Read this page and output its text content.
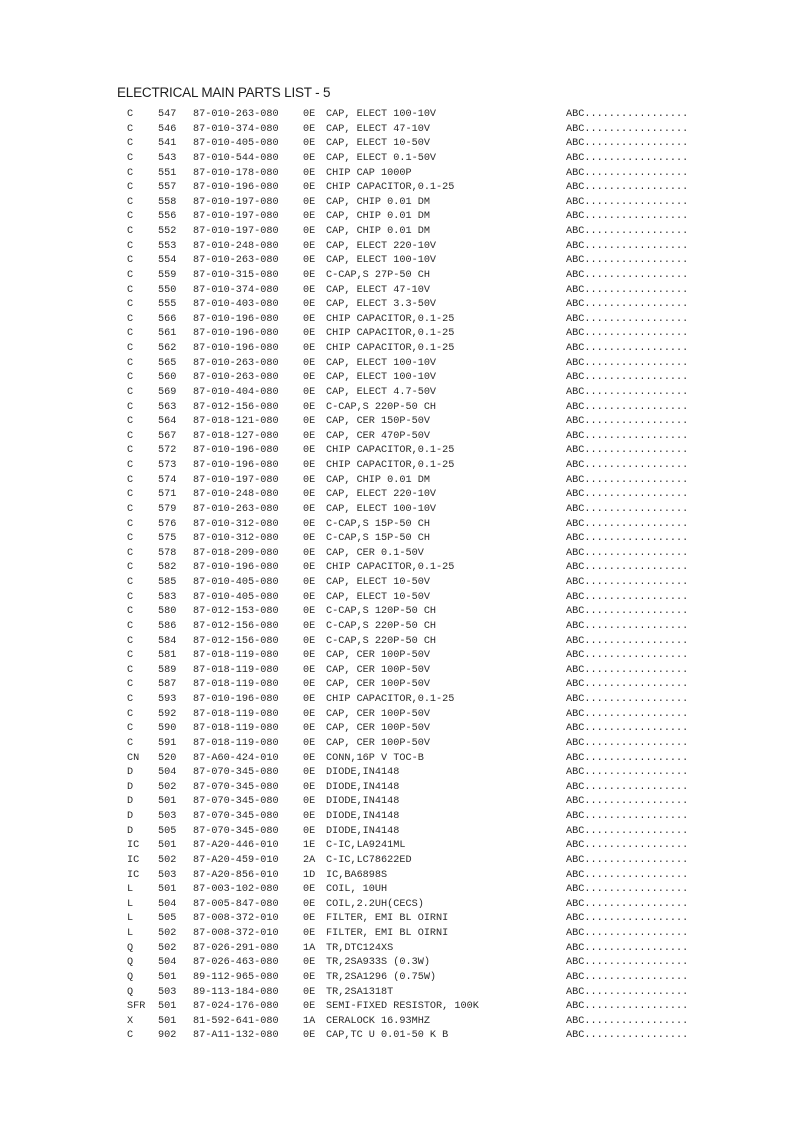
ELECTRICAL MAIN PARTS LIST - 5
C 547 87-010-263-080 0E CAP, ELECT 100-10V	ABC.................
C 546 87-010-374-080 0E CAP, ELECT 47-10V	ABC.................
C 541 87-010-405-080 0E CAP, ELECT 10-50V	ABC.................
C 543 87-010-544-080 0E CAP, ELECT 0.1-50V	ABC.................
C 551 87-010-178-080 0E CHIP CAP 1000P	ABC.................
C 557 87-010-196-080 0E CHIP CAPACITOR,0.1-25	ABC.................
C 558 87-010-197-080 0E CAP, CHIP 0.01 DM	ABC.................
C 556 87-010-197-080 0E CAP, CHIP 0.01 DM	ABC.................
C 552 87-010-197-080 0E CAP, CHIP 0.01 DM	ABC.................
C 553 87-010-248-080 0E CAP, ELECT 220-10V	ABC.................
C 554 87-010-263-080 0E CAP, ELECT 100-10V	ABC.................
C 559 87-010-315-080 0E C-CAP,S 27P-50 CH	ABC.................
C 550 87-010-374-080 0E CAP, ELECT 47-10V	ABC.................
C 555 87-010-403-080 0E CAP, ELECT 3.3-50V	ABC.................
C 566 87-010-196-080 0E CHIP CAPACITOR,0.1-25	ABC.................
C 561 87-010-196-080 0E CHIP CAPACITOR,0.1-25	ABC.................
C 562 87-010-196-080 0E CHIP CAPACITOR,0.1-25	ABC.................
C 565 87-010-263-080 0E CAP, ELECT 100-10V	ABC.................
C 560 87-010-263-080 0E CAP, ELECT 100-10V	ABC.................
C 569 87-010-404-080 0E CAP, ELECT 4.7-50V	ABC.................
C 563 87-012-156-080 0E C-CAP,S 220P-50 CH	ABC.................
C 564 87-018-121-080 0E CAP, CER 150P-50V	ABC.................
C 567 87-018-127-080 0E CAP, CER 470P-50V	ABC.................
C 572 87-010-196-080 0E CHIP CAPACITOR,0.1-25	ABC.................
C 573 87-010-196-080 0E CHIP CAPACITOR,0.1-25	ABC.................
C 574 87-010-197-080 0E CAP, CHIP 0.01 DM	ABC.................
C 571 87-010-248-080 0E CAP, ELECT 220-10V	ABC.................
C 579 87-010-263-080 0E CAP, ELECT 100-10V	ABC.................
C 576 87-010-312-080 0E C-CAP,S 15P-50 CH	ABC.................
C 575 87-010-312-080 0E C-CAP,S 15P-50 CH	ABC.................
C 578 87-018-209-080 0E CAP, CER 0.1-50V	ABC.................
C 582 87-010-196-080 0E CHIP CAPACITOR,0.1-25	ABC.................
C 585 87-010-405-080 0E CAP, ELECT 10-50V	ABC.................
C 583 87-010-405-080 0E CAP, ELECT 10-50V	ABC.................
C 580 87-012-153-080 0E C-CAP,S 120P-50 CH	ABC.................
C 586 87-012-156-080 0E C-CAP,S 220P-50 CH	ABC.................
C 584 87-012-156-080 0E C-CAP,S 220P-50 CH	ABC.................
C 581 87-018-119-080 0E CAP, CER 100P-50V	ABC.................
C 589 87-018-119-080 0E CAP, CER 100P-50V	ABC.................
C 587 87-018-119-080 0E CAP, CER 100P-50V	ABC.................
C 593 87-010-196-080 0E CHIP CAPACITOR,0.1-25	ABC.................
C 592 87-018-119-080 0E CAP, CER 100P-50V	ABC.................
C 590 87-018-119-080 0E CAP, CER 100P-50V	ABC.................
C 591 87-018-119-080 0E CAP, CER 100P-50V	ABC.................
CN 520 87-A60-424-010 0E CONN,16P V TOC-B	ABC.................
D 504 87-070-345-080 0E DIODE,IN4148	ABC.................
D 502 87-070-345-080 0E DIODE,IN4148	ABC.................
D 501 87-070-345-080 0E DIODE,IN4148	ABC.................
D 503 87-070-345-080 0E DIODE,IN4148	ABC.................
D 505 87-070-345-080 0E DIODE,IN4148	ABC.................
IC 501 87-A20-446-010 1E C-IC,LA9241ML	ABC.................
IC 502 87-A20-459-010 2A C-IC,LC78622ED	ABC.................
IC 503 87-A20-856-010 1D IC,BA6898S	ABC.................
L 501 87-003-102-080 0E COIL, 10UH	ABC.................
L 504 87-005-847-080 0E COIL,2.2UH(CECS)	ABC.................
L 505 87-008-372-010 0E FILTER, EMI BL OIRNI	ABC.................
L 502 87-008-372-010 0E FILTER, EMI BL OIRNI	ABC.................
Q 502 87-026-291-080 1A TR,DTC124XS	ABC.................
Q 504 87-026-463-080 0E TR,2SA933S (0.3W)	ABC.................
Q 501 89-112-965-080 0E TR,2SA1296 (0.75W)	ABC.................
Q 503 89-113-184-080 0E TR,2SA1318T	ABC.................
SFR 501 87-024-176-080 0E SEMI-FIXED RESISTOR, 100K	ABC.................
X 501 81-592-641-080 1A CERALOCK 16.93MHZ	ABC.................
C 902 87-A11-132-080 0E CAP,TC U 0.01-50 K B	ABC.................
